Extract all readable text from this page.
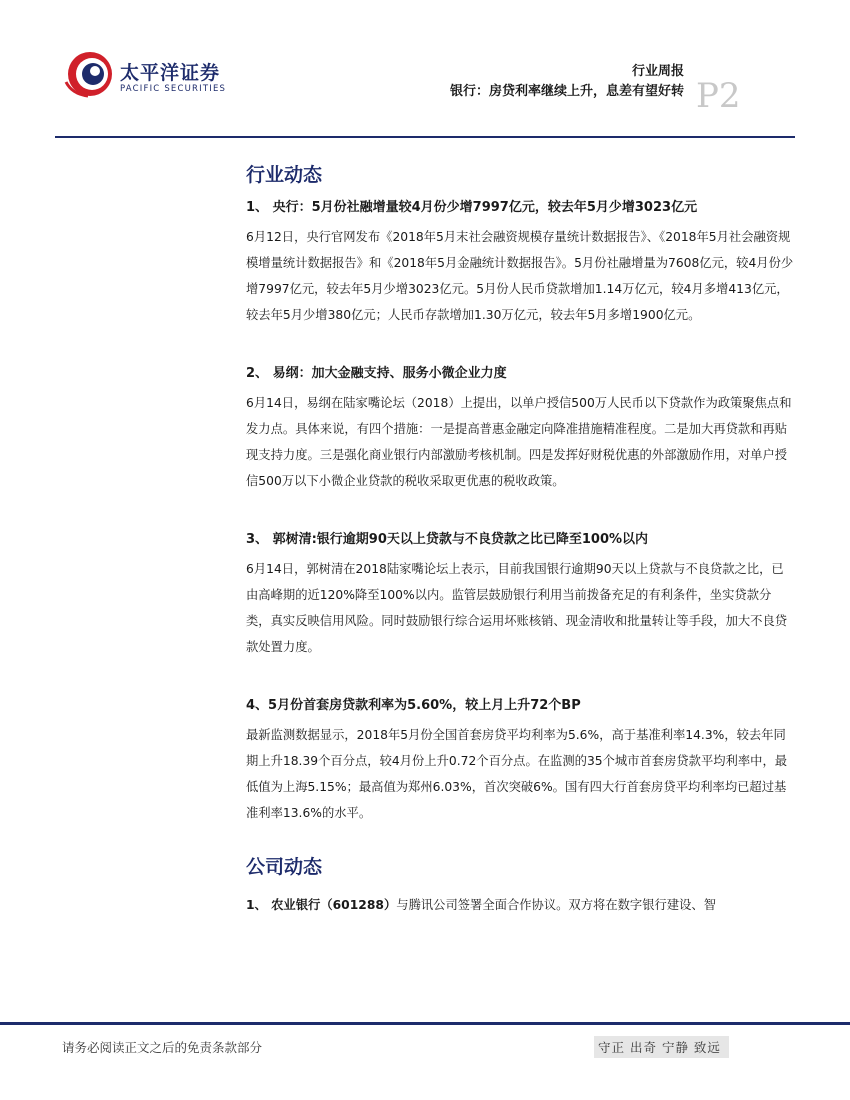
太平洋证券
PACIFIC SECURITIES
行业周报
银行：房贷利率继续上升，息差有望好转 P2
行业动态

1、 央行：5月份社融增量较4月份少增7997亿元，较去年5月少增3023亿元

6月12日，央行官网发布《2018年5月末社会融资规模存量统计数据报告》、《2018年5月社会融资规模增量统计数据报告》和《2018年5月金融统计数据报告》。5月份社融增量为7608亿元，较4月份少增7997亿元，较去年5月少增3023亿元。5月份人民币贷款增加1.14万亿元，较4月多增413亿元，较去年5月少增380亿元；人民币存款增加1.30万亿元，较去年5月多增1900亿元。

2、 易纲：加大金融支持、服务小微企业力度

6月14日，易纲在陆家嘴论坛（2018）上提出，以单户授信500万人民币以下贷款作为政策聚焦点和发力点。具体来说，有四个措施：一是提高普惠金融定向降准措施精准程度。二是加大再贷款和再贴现支持力度。三是强化商业银行内部激励考核机制。四是发挥好财税优惠的外部激励作用，对单户授信500万以下小微企业贷款的税收采取更优惠的税收政策。

3、 郭树清:银行逾期90天以上贷款与不良贷款之比已降至100%以内

6月14日，郭树清在2018陆家嘴论坛上表示，目前我国银行逾期90天以上贷款与不良贷款之比，已由高峰期的近120%降至100%以内。监管层鼓励银行利用当前拨备充足的有利条件，坐实贷款分类，真实反映信用风险。同时鼓励银行综合运用坏账核销、现金清收和批量转让等手段，加大不良贷款处置力度。

4、5月份首套房贷款利率为5.60%，较上月上升72个BP

最新监测数据显示，2018年5月份全国首套房贷平均利率为5.6%，高于基准利率14.3%，较去年同期上升18.39个百分点，较4月份上升0.72个百分点。在监测的35个城市首套房贷款平均利率中，最低值为上海5.15%；最高值为郑州6.03%，首次突破6%。国有四大行首套房贷平均利率均已超过基准利率13.6%的水平。

公司动态

1、 农业银行（601288）与腾讯公司签署全面合作协议。双方将在数字银行建设、智

请务必阅读正文之后的免责条款部分	守正 出奇 宁静 致远
